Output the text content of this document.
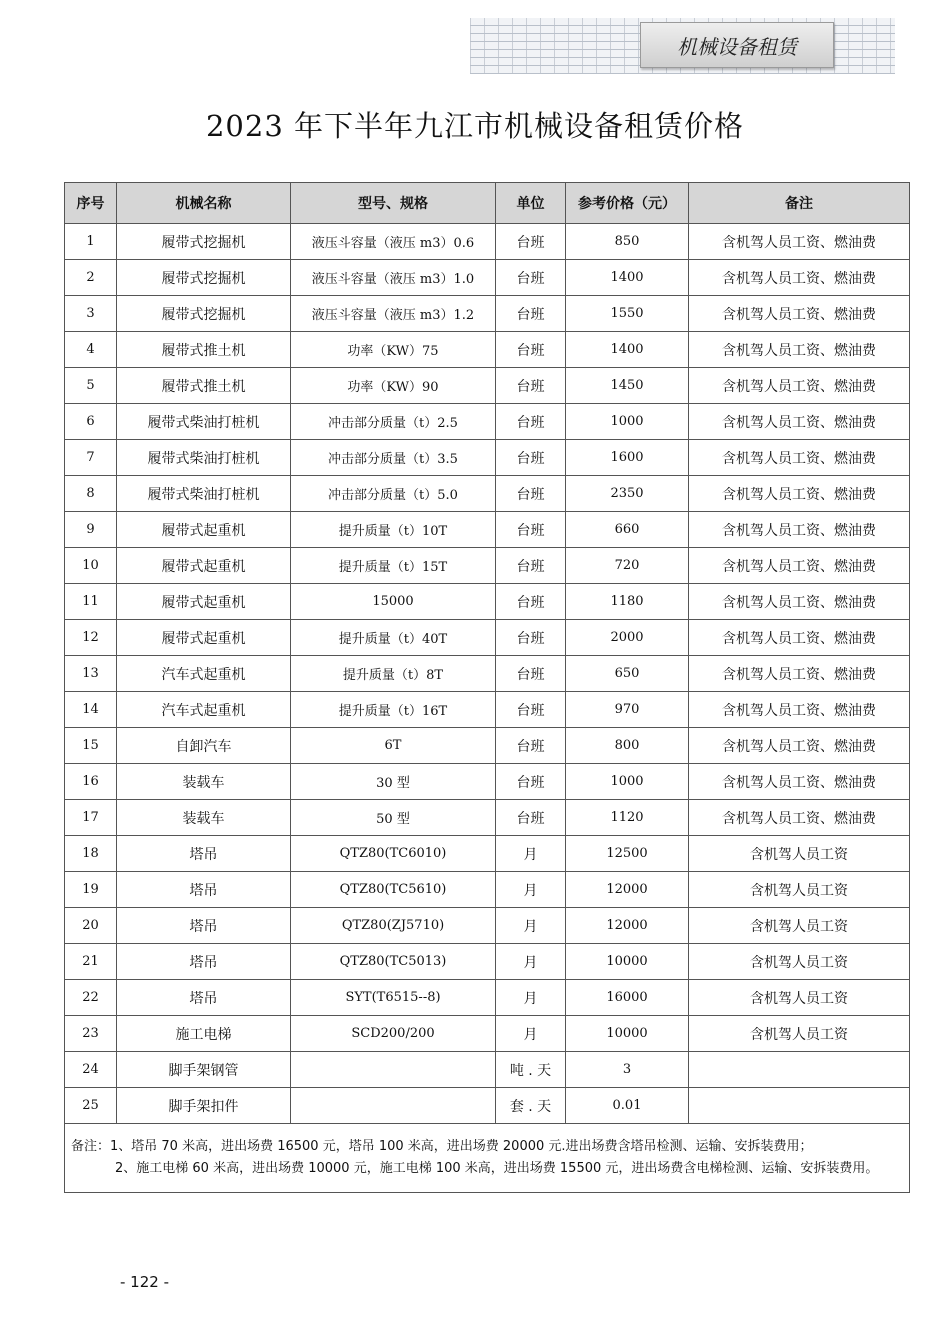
机械设备租赁
2023 年下半年九江市机械设备租赁价格
序号	机械名称	型号、规格	单位	参考价格（元）	备注
1	履带式挖掘机	液压斗容量（液压 m3）0.6	台班	850	含机驾人员工资、燃油费
2	履带式挖掘机	液压斗容量（液压 m3）1.0	台班	1400	含机驾人员工资、燃油费
3	履带式挖掘机	液压斗容量（液压 m3）1.2	台班	1550	含机驾人员工资、燃油费
4	履带式推土机	功率（KW）75	台班	1400	含机驾人员工资、燃油费
5	履带式推土机	功率（KW）90	台班	1450	含机驾人员工资、燃油费
6	履带式柴油打桩机	冲击部分质量（t）2.5	台班	1000	含机驾人员工资、燃油费
7	履带式柴油打桩机	冲击部分质量（t）3.5	台班	1600	含机驾人员工资、燃油费
8	履带式柴油打桩机	冲击部分质量（t）5.0	台班	2350	含机驾人员工资、燃油费
9	履带式起重机	提升质量（t）10T	台班	660	含机驾人员工资、燃油费
10	履带式起重机	提升质量（t）15T	台班	720	含机驾人员工资、燃油费
11	履带式起重机	15000	台班	1180	含机驾人员工资、燃油费
12	履带式起重机	提升质量（t）40T	台班	2000	含机驾人员工资、燃油费
13	汽车式起重机	提升质量（t）8T	台班	650	含机驾人员工资、燃油费
14	汽车式起重机	提升质量（t）16T	台班	970	含机驾人员工资、燃油费
15	自卸汽车	6T	台班	800	含机驾人员工资、燃油费
16	装载车	30 型	台班	1000	含机驾人员工资、燃油费
17	装载车	50 型	台班	1120	含机驾人员工资、燃油费
18	塔吊	QTZ80(TC6010)	月	12500	含机驾人员工资
19	塔吊	QTZ80(TC5610)	月	12000	含机驾人员工资
20	塔吊	QTZ80(ZJ5710)	月	12000	含机驾人员工资
21	塔吊	QTZ80(TC5013)	月	10000	含机驾人员工资
22	塔吊	SYT(T6515--8)	月	16000	含机驾人员工资
23	施工电梯	SCD200/200	月	10000	含机驾人员工资
24	脚手架钢管		吨 . 天	3	
25	脚手架扣件		套 . 天	0.01	

备注：1、塔吊 70 米高，进出场费 16500 元，塔吊 100 米高，进出场费 20000 元.进出场费含塔吊检测、运输、安拆装费用；
2、施工电梯 60 米高，进出场费 10000 元，施工电梯 100 米高，进出场费 15500 元，进出场费含电梯检测、运输、安拆装费用。					
- 122 -
